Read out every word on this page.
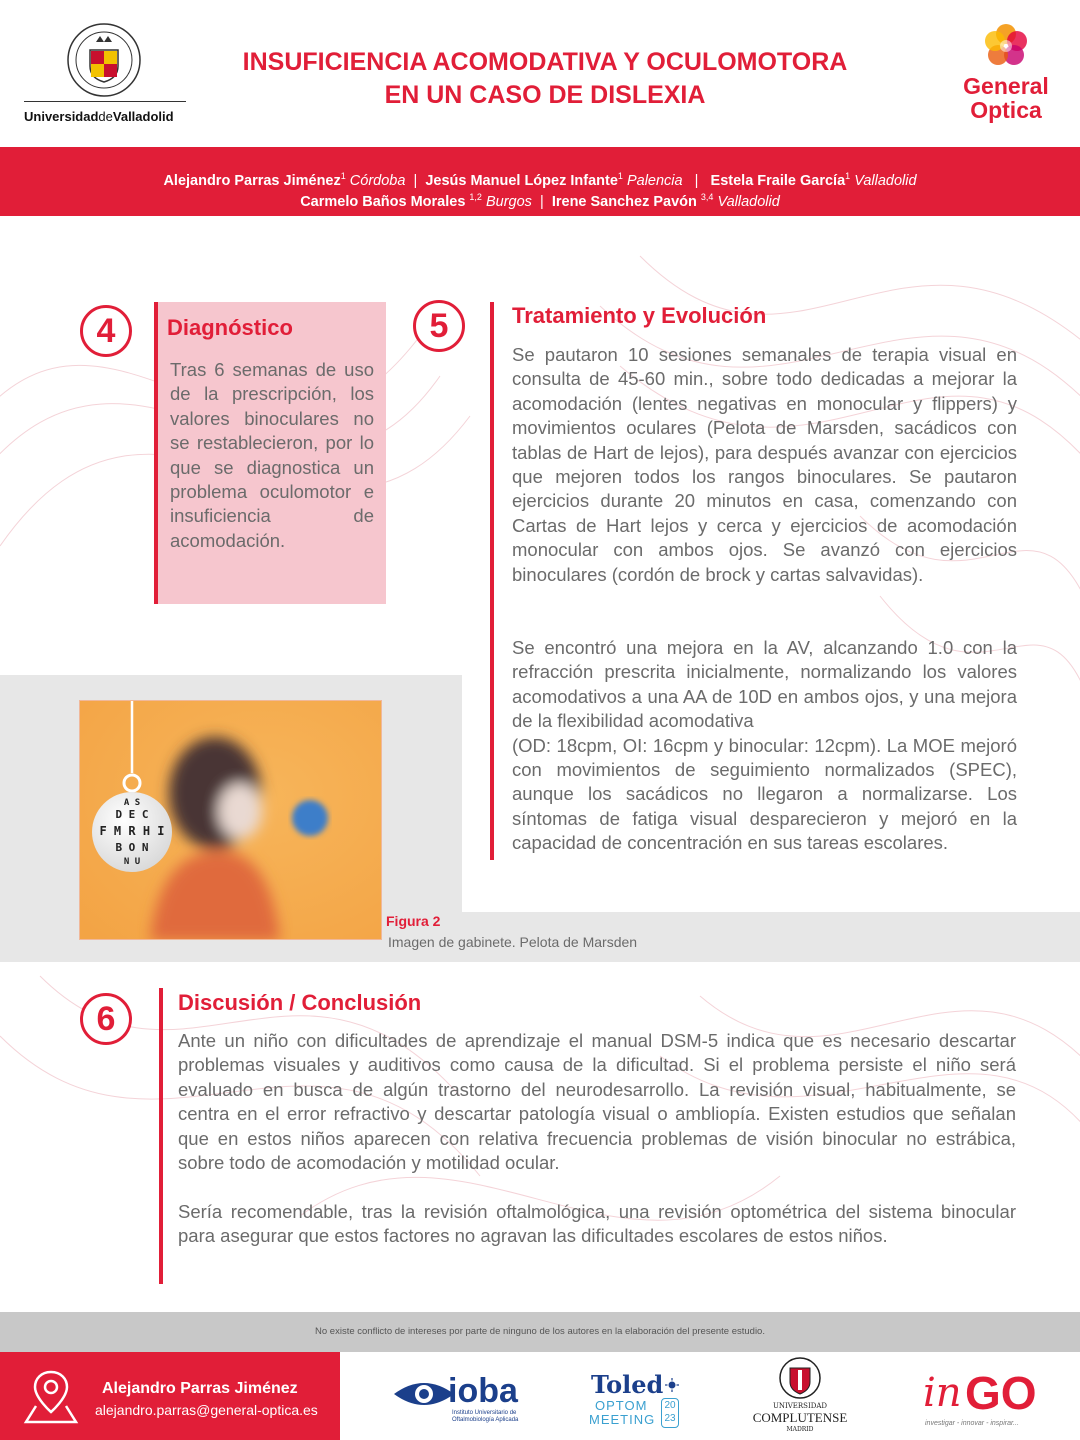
UniversidaddeValladolid
INSUFICIENCIA ACOMODATIVA Y OCULOMOTORA
EN UN CASO DE DISLEXIA	General
Optica
Alejandro Parras Jiménez$^1$ Córdoba | Jesús Manuel López Infante$^1$ Palencia | Estela Fraile García$^1$ Valladolid
Carmelo Baños Morales $^{1,2}$ Burgos | Irene Sanchez Pavón $^{3,4}$ Valladolid
4	Diagnóstico
Tras 6 semanas de uso de la prescripción, los valores binoculares no se restablecieron, por lo que se diagnostica un problema oculomotor e insuficiencia de acomodación.
5	Tratamiento y Evolución
Se pautaron 10 sesiones semanales de terapia visual en consulta de 45-60 min., sobre todo dedicadas a mejorar la acomodación (lentes negativas en monocular y flippers) y movimientos oculares (Pelota de Marsden, sacádicos con tablas de Hart de lejos), para después avanzar con ejercicios que mejoren todos los rangos binoculares. Se pautaron ejercicios durante 20 minutos en casa, comenzando con Cartas de Hart lejos y cerca y ejercicios de acomodación monocular con ambos ojos. Se avanzó con ejercicios binoculares (cordón de brock y cartas salvavidas).
Se encontró una mejora en la AV, alcanzando 1.0 con la refracción prescrita inicialmente, normalizando los valores acomodativos a una AA de 10D en ambos ojos, y una mejora de la flexibilidad acomodativa
(OD: 18cpm, OI: 16cpm y binocular: 12cpm). La MOE mejoró con movimientos de seguimiento normalizados (SPEC), aunque los sacádicos no llegaron a normalizarse. Los síntomas de fatiga visual desparecieron y mejoró en la capacidad de concentración en sus tareas escolares.
A S
D E C
F M R H I
B O N
N U
Figura 2
Imagen de gabinete. Pelota de Marsden
6	Discusión / Conclusión
Ante un niño con dificultades de aprendizaje el manual DSM-5 indica que es necesario descartar problemas visuales y auditivos como causa de la dificultad. Si el problema persiste el niño será evaluado en busca de algún trastorno del neurodesarrollo. La revisión visual, habitualmente, se centra en el error refractivo y descartar patología visual o ambliopía. Existen estudios que señalan que en estos niños aparecen con relativa frecuencia problemas de visión binocular no estrábica, sobre todo de acomodación y motilidad ocular.
Sería recomendable, tras la revisión oftalmológica, una revisión optométrica del sistema binocular para asegurar que estos factores no agravan las dificultades escolares de estos niños.
No existe conflicto de intereses por parte de ninguno de los autores en la elaboración del presente estudio.
Alejandro Parras Jiménez
alejandro.parras@general-optica.es	ioba
Instituto Universitario de
Oftalmobiología Aplicada
Toled
OPTOM
MEETING
20
23
UNIVERSIDAD
COMPLUTENSE
MADRID
in GO
investigar - innovar - inspirar...
